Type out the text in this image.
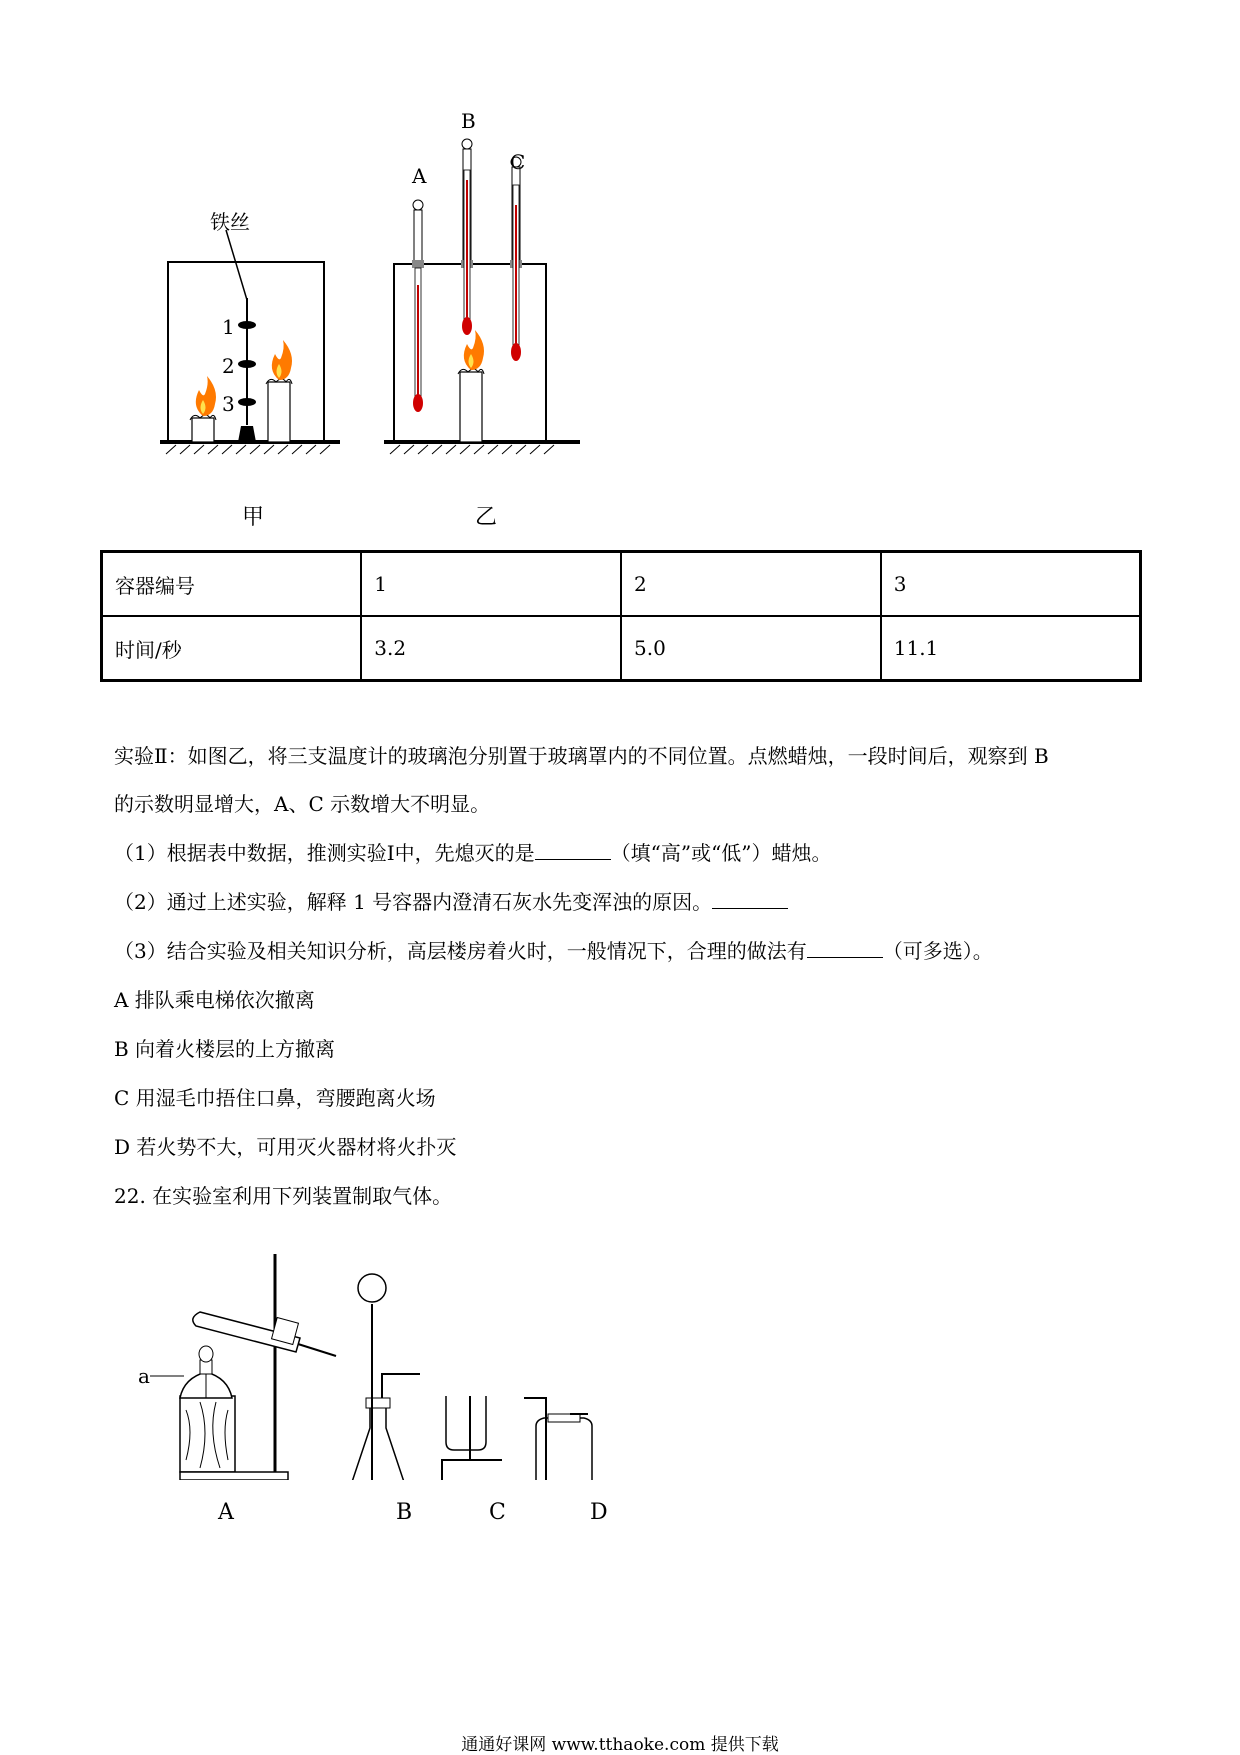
铁丝
1
2
3
甲
A
B
C
乙
容器编号	1	2	3
时间/秒	3.2	5.0	11.1
实验Ⅱ：如图乙，将三支温度计的玻璃泡分别置于玻璃罩内的不同位置。点燃蜡烛，一段时间后，观察到 B
的示数明显增大，A、C 示数增大不明显。
（1）根据表中数据，推测实验Ⅰ中，先熄灭的是	（填“高”或“低”）蜡烛。
（2）通过上述实验，解释 1 号容器内澄清石灰水先变浑浊的原因。
（3）结合实验及相关知识分析，高层楼房着火时，一般情况下，合理的做法有	（可多选）。
A 排队乘电梯依次撤离
B 向着火楼层的上方撤离
C 用湿毛巾捂住口鼻，弯腰跑离火场
D 若火势不大，可用灭火器材将火扑灭
22. 在实验室利用下列装置制取气体。
a
A	B	C	D
通通好课网 www.tthaoke.com 提供下载
